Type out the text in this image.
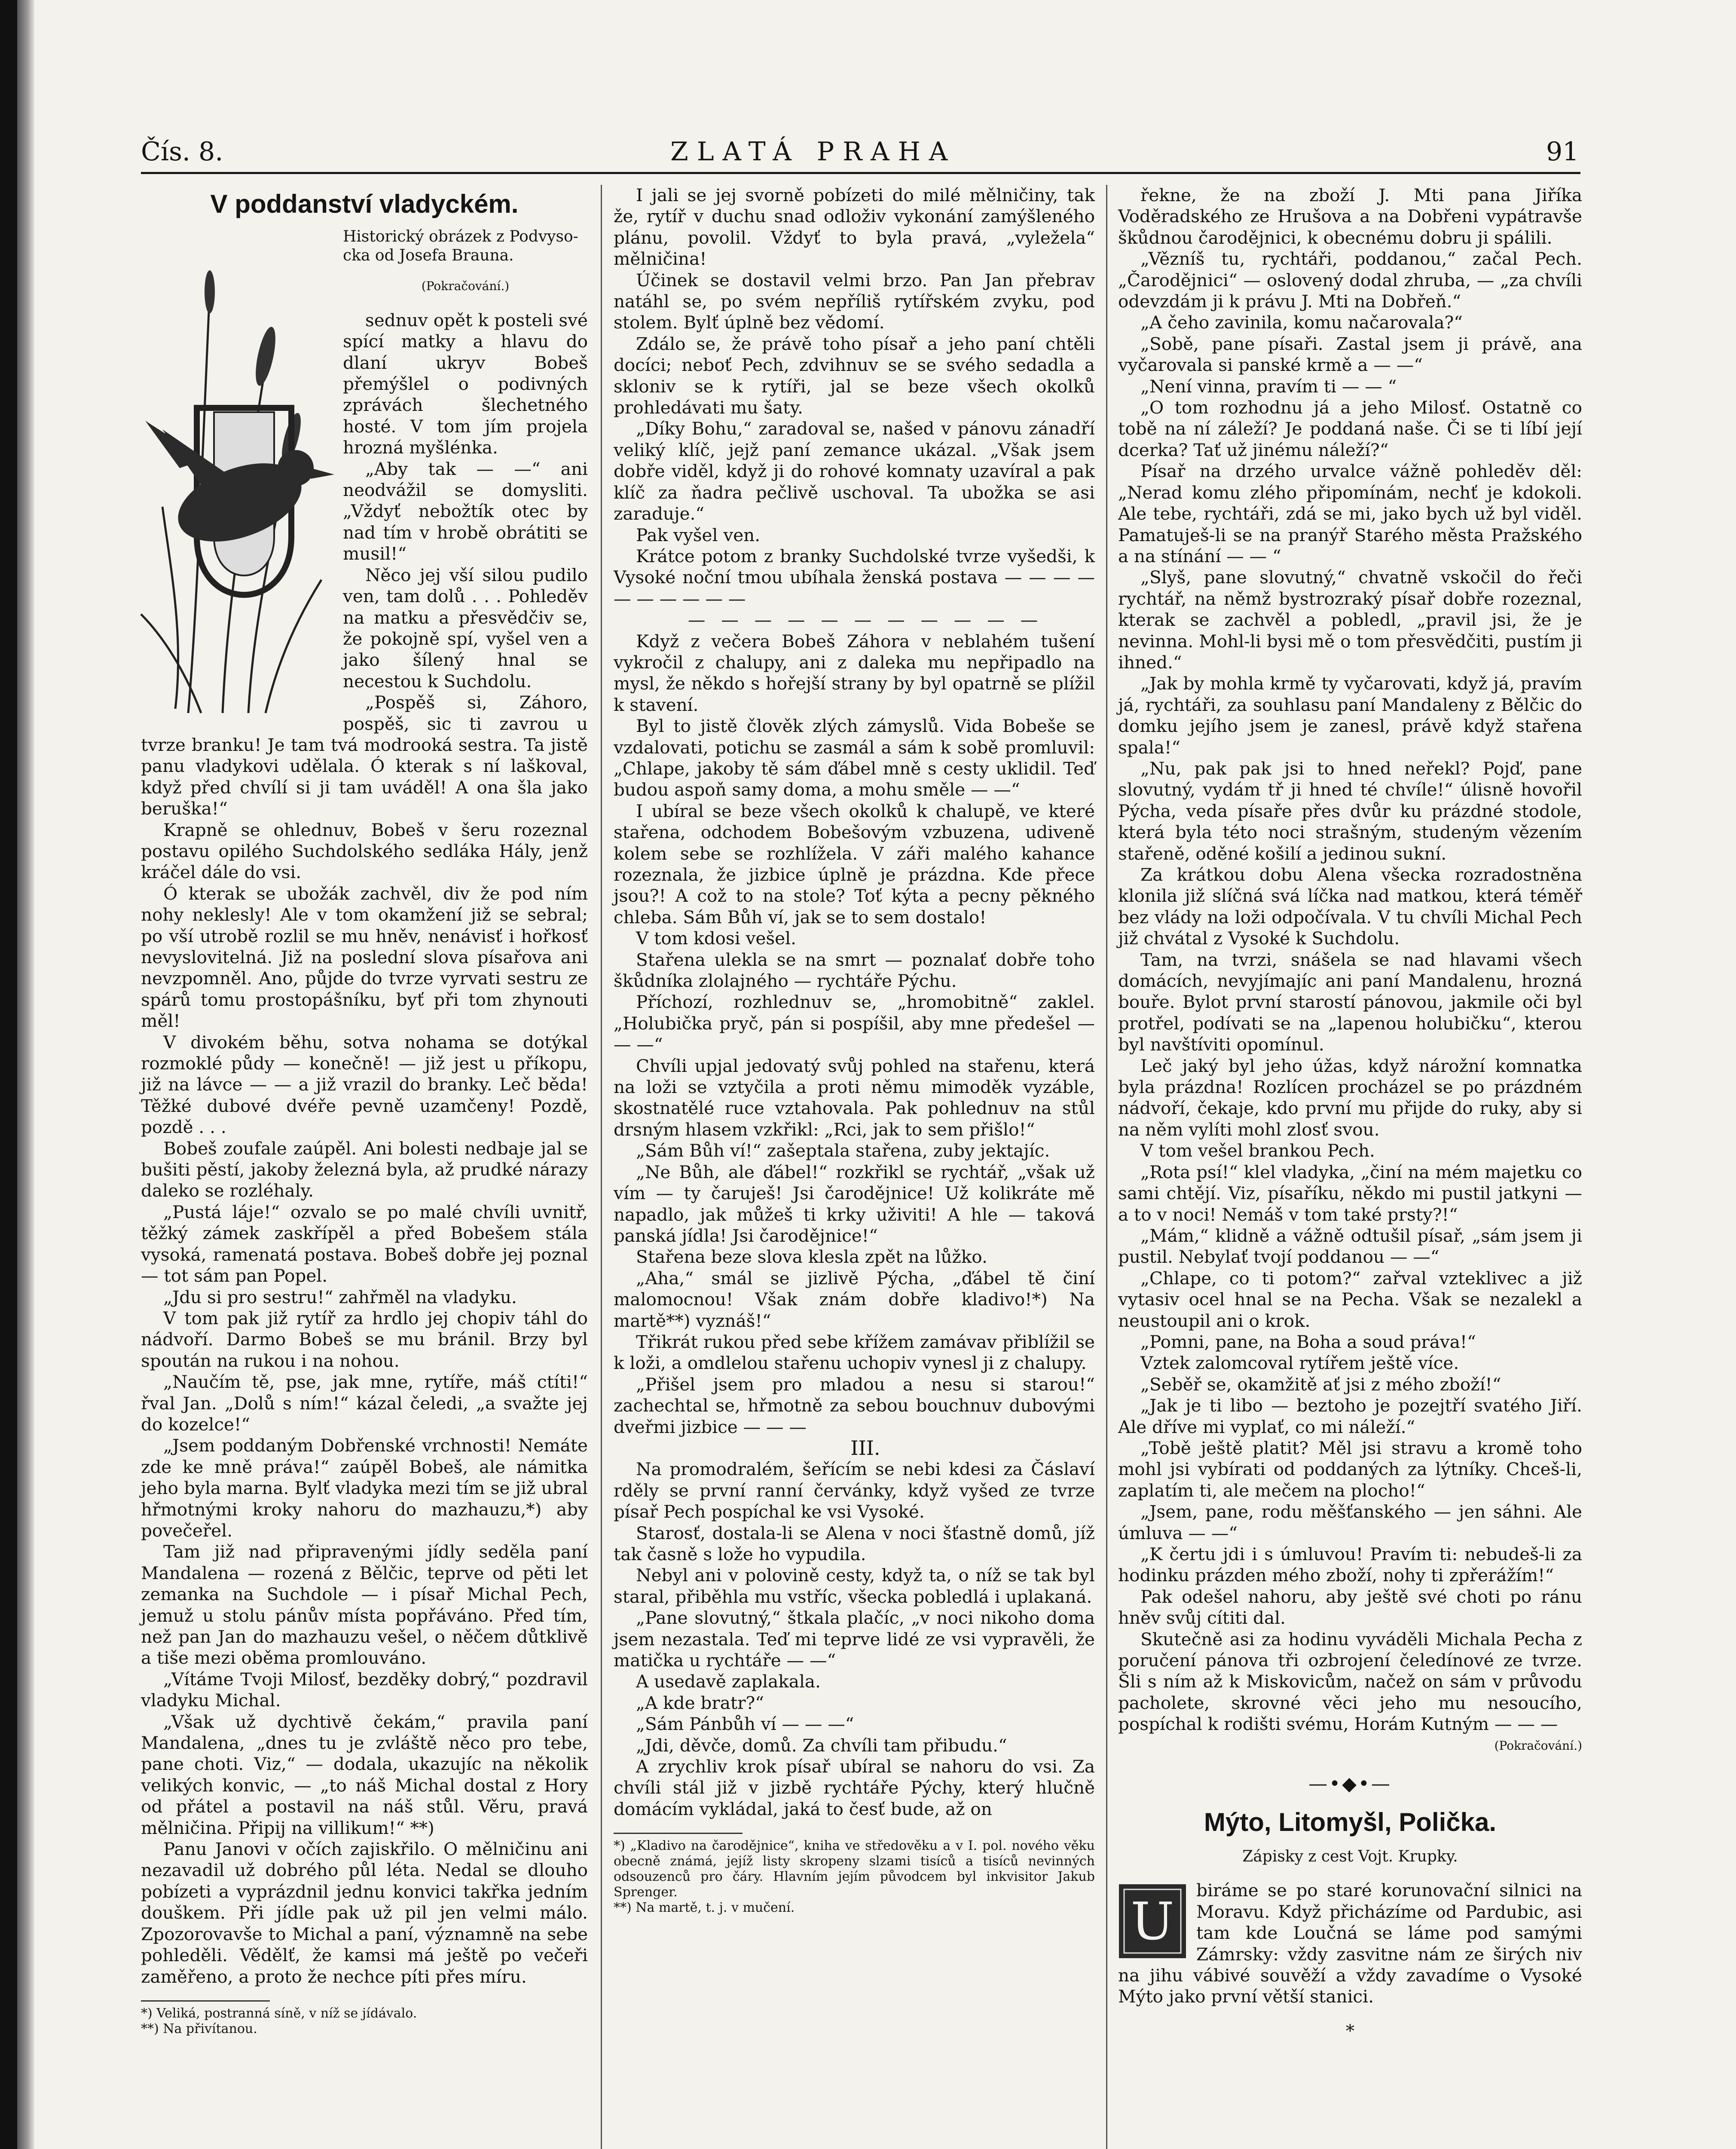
Čís. 8.	ZLATÁ PRAHA	91
V poddanství vladyckém.

Historický obrázek z Podvyso-

cka od Josefa Brauna.

(Pokračování.)

sednuv opět k posteli své spící matky a hlavu do dlaní ukryv Bobeš přemýšlel o podivných zprávách šlechetného hosté. V tom jím projela hrozná myšlénka.

„Aby tak — —“ ani neodvážil se domysliti. „Vždyť nebožtík otec by nad tím v hrobě obrátiti se musil!“

Něco jej vší silou pudilo ven, tam dolů . . . Pohleděv na matku a přesvědčiv se, že pokojně spí, vyšel ven a jako šílený hnal se necestou k Suchdolu.

„Pospěš si, Záhoro, pospěš, sic ti zavrou u tvrze branku! Je tam tvá modrooká sestra. Ta jistě panu vladykovi udělala. Ó kterak s ní laškoval, když před chvílí si ji tam uváděl! A ona šla jako beruška!“

Krapně se ohlednuv, Bobeš v šeru rozeznal postavu opilého Suchdolského sedláka Hály, jenž kráčel dále do vsi.

Ó kterak se ubožák zachvěl, div že pod ním nohy neklesly! Ale v tom okamžení již se sebral; po vší utrobě rozlil se mu hněv, nenávisť i hořkosť nevyslovitelná. Již na poslední slova písařova ani nevzpomněl. Ano, půjde do tvrze vyrvati sestru ze spárů tomu prostopášníku, byť při tom zhynouti měl!

V divokém běhu, sotva nohama se dotýkal rozmoklé půdy — konečně! — již jest u příkopu, již na lávce — — a již vrazil do branky. Leč běda! Těžké dubové dvéře pevně uzamčeny! Pozdě, pozdě . . .

Bobeš zoufale zaúpěl. Ani bolesti nedbaje jal se bušiti pěstí, jakoby železná byla, až prudké nárazy daleko se rozléhaly.

„Pustá láje!“ ozvalo se po malé chvíli uvnitř, těžký zámek zaskřípěl a před Bobešem stála vysoká, ramenatá postava. Bobeš dobře jej poznal — tot sám pan Popel.

„Jdu si pro sestru!“ zahřměl na vladyku.

V tom pak již rytíř za hrdlo jej chopiv táhl do nádvoří. Darmo Bobeš se mu bránil. Brzy byl spoután na rukou i na nohou.

„Naučím tě, pse, jak mne, rytíře, máš ctíti!“ řval Jan. „Dolů s ním!“ kázal čeledi, „a svažte jej do kozelce!“

„Jsem poddaným Dobřenské vrchnosti! Nemáte zde ke mně práva!“ zaúpěl Bobeš, ale námitka jeho byla marna. Bylť vladyka mezi tím se již ubral hřmotnými kroky nahoru do mazhauzu,*) aby povečeřel.

Tam již nad připravenými jídly seděla paní Mandalena — rozená z Bělčic, teprve od pěti let zemanka na Suchdole — i písař Michal Pech, jemuž u stolu pánův místa popřáváno. Před tím, než pan Jan do mazhauzu vešel, o něčem důtklivě a tiše mezi oběma promlouváno.

„Vítáme Tvoji Milosť, bezděky dobrý,“ pozdravil vladyku Michal.

„Však už dychtivě čekám,“ pravila paní Mandalena, „dnes tu je zvláště něco pro tebe, pane choti. Viz,“ — dodala, ukazujíc na několik velikých konvic, — „to náš Michal dostal z Hory od přátel a postavil na náš stůl. Věru, pravá mělničina. Připij na villikum!“ **)

Panu Janovi v očích zajiskřilo. O mělničinu ani nezavadil už dobrého půl léta. Nedal se dlouho pobízeti a vyprázdnil jednu konvici takřka jedním douškem. Při jídle pak už pil jen velmi málo. Zpozorovavše to Michal a paní, významně na sebe pohleděli. Vědělť, že kamsi má ještě po večeři zaměřeno, a proto že nechce píti přes míru.

*) Veliká, postranná síně, v níž se jídávalo.

**) Na přivítanou.

I jali se jej svorně pobízeti do milé mělničiny, tak že, rytíř v duchu snad odloživ vykonání zamýšleného plánu, povolil. Vždyť to byla pravá, „vyležela“ mělničina!

Účinek se dostavil velmi brzo. Pan Jan přebrav natáhl se, po svém nepříliš rytířském zvyku, pod stolem. Bylť úplně bez vědomí.

Zdálo se, že právě toho písař a jeho paní chtěli docíci; neboť Pech, zdvihnuv se se svého sedadla a skloniv se k rytíři, jal se beze všech okolků prohledávati mu šaty.

„Díky Bohu,“ zaradoval se, našed v pánovu zánadří veliký klíč, jejž paní zemance ukázal. „Však jsem dobře viděl, když ji do rohové komnaty uzavíral a pak klíč za ňadra pečlivě uschoval. Ta ubožka se asi zaraduje.“

Pak vyšel ven.

Krátce potom z branky Suchdolské tvrze vyšedši, k Vysoké noční tmou ubíhala ženská postava — — — — — — — — — —

— — — — — — — — — — —

Když z večera Bobeš Záhora v neblahém tušení vykročil z chalupy, ani z daleka mu nepřipadlo na mysl, že někdo s hořejší strany by byl opatrně se plížil k stavení.

Byl to jistě člověk zlých zámyslů. Vida Bobeše se vzdalovati, potichu se zasmál a sám k sobě promluvil: „Chlape, jakoby tě sám ďábel mně s cesty uklidil. Teď budou aspoň samy doma, a mohu směle — —“

I ubíral se beze všech okolků k chalupě, ve které stařena, odchodem Bobešovým vzbuzena, udiveně kolem sebe se rozhlížela. V záři malého kahance rozeznala, že jizbice úplně je prázdna. Kde přece jsou?! A což to na stole? Toť kýta a pecny pěkného chleba. Sám Bůh ví, jak se to sem dostalo!

V tom kdosi vešel.

Stařena ulekla se na smrt — poznalať dobře toho škůdníka zlolajného — rychtáře Pýchu.

Příchozí, rozhlednuv se, „hromobitně“ zaklel. „Holubička pryč, pán si pospíšil, aby mne předešel — — —“

Chvíli upjal jedovatý svůj pohled na stařenu, která na loži se vztyčila a proti němu mimoděk vyzáble, skostnatělé ruce vztahovala. Pak pohlednuv na stůl drsným hlasem vzkřikl: „Rci, jak to sem přišlo!“

„Sám Bůh ví!“ zašeptala stařena, zuby jektajíc.

„Ne Bůh, ale ďábel!“ rozkřikl se rychtář, „však už vím — ty čaruješ! Jsi čarodějnice! Už kolikráte mě napadlo, jak můžeš ti krky uživiti! A hle — taková panská jídla! Jsi čarodějnice!“

Stařena beze slova klesla zpět na lůžko.

„Aha,“ smál se jizlivě Pýcha, „ďábel tě činí malomocnou! Však znám dobře kladivo!*) Na martě**) vyznáš!“

Třikrát rukou před sebe křížem zamávav přiblížil se k loži, a omdlelou stařenu uchopiv vynesl ji z chalupy.

„Přišel jsem pro mladou a nesu si starou!“ zachechtal se, hřmotně za sebou bouchnuv dubovými dveřmi jizbice — — —

III.

Na promodralém, šeřícím se nebi kdesi za Čáslaví rděly se první ranní červánky, když vyšed ze tvrze písař Pech pospíchal ke vsi Vysoké.

Starosť, dostala-li se Alena v noci šťastně domů, jíž tak časně s lože ho vypudila.

Nebyl ani v polovině cesty, když ta, o níž se tak byl staral, přiběhla mu vstříc, všecka pobledlá i uplakaná.

„Pane slovutný,“ štkala plačíc, „v noci nikoho doma jsem nezastala. Teď mi teprve lidé ze vsi vypravěli, že matička u rychtáře — —“

A usedavě zaplakala.

„A kde bratr?“

„Sám Pánbůh ví — — —“

„Jdi, děvče, domů. Za chvíli tam přibudu.“

A zrychliv krok písař ubíral se nahoru do vsi. Za chvíli stál již v jizbě rychtáře Pýchy, který hlučně domácím vykládal, jaká to česť bude, až on

*) „Kladivo na čarodějnice“, kniha ve středověku a v I. pol. nového věku obecně známá, jejíž listy skropeny slzami tisíců a tisíců nevinných odsouzenců pro čáry. Hlavním jejím původcem byl inkvisitor Jakub Sprenger.

**) Na martě, t. j. v mučení.

řekne, že na zboží J. Mti pana Jiříka Voděradského ze Hrušova a na Dobřeni vypátravše škůdnou čarodějnici, k obecnému dobru ji spálili.

„Vězníš tu, rychtáři, poddanou,“ začal Pech. „Čarodějnici“ — oslovený dodal zhruba, — „za chvíli odevzdám ji k právu J. Mti na Dobřeň.“

„A čeho zavinila, komu načarovala?“

„Sobě, pane písaři. Zastal jsem ji právě, ana vyčarovala si panské krmě a — —“

„Není vinna, pravím ti — — “

„O tom rozhodnu já a jeho Milosť. Ostatně co tobě na ní záleží? Je poddaná naše. Či se ti líbí její dcerka? Tať už jinému náleží?“

Písař na drzého urvalce vážně pohleděv děl: „Nerad komu zlého připomínám, nechť je kdokoli. Ale tebe, rychtáři, zdá se mi, jako bych už byl viděl. Pamatuješ-li se na pranýř Starého města Pražského a na stínání — — “

„Slyš, pane slovutný,“ chvatně vskočil do řeči rychtář, na němž bystrozraký písař dobře rozeznal, kterak se zachvěl a pobledl, „pravil jsi, že je nevinna. Mohl-li bysi mě o tom přesvědčiti, pustím ji ihned.“

„Jak by mohla krmě ty vyčarovati, když já, pravím já, rychtáři, za souhlasu paní Mandaleny z Bělčic do domku jejího jsem je zanesl, právě když stařena spala!“

„Nu, pak pak jsi to hned neřekl? Pojď, pane slovutný, vydám tř ji hned té chvíle!“ úlisně hovořil Pýcha, veda písaře přes dvůr ku prázdné stodole, která byla této noci strašným, studeným vězením stařeně, oděné košilí a jedinou sukní.

Za krátkou dobu Alena všecka rozradostněna klonila již slíčná svá líčka nad matkou, která téměř bez vlády na loži odpočívala. V tu chvíli Michal Pech již chvátal z Vysoké k Suchdolu.

Tam, na tvrzi, snášela se nad hlavami všech domácích, nevyjímajíc ani paní Mandalenu, hrozná bouře. Bylot první starostí pánovou, jakmile oči byl protřel, podívati se na „lapenou holubičku“, kterou byl navštíviti opomínul.

Leč jaký byl jeho úžas, když nárožní komnatka byla prázdna! Rozlícen procházel se po prázdném nádvoří, čekaje, kdo první mu přijde do ruky, aby si na něm vylíti mohl zlosť svou.

V tom vešel brankou Pech.

„Rota psí!“ klel vladyka, „činí na mém majetku co sami chtějí. Viz, písaříku, někdo mi pustil jatkyni — a to v noci! Nemáš v tom také prsty?!“

„Mám,“ klidně a vážně odtušil písař, „sám jsem ji pustil. Nebylať tvojí poddanou — —“

„Chlape, co ti potom?“ zařval vzteklivec a již vytasiv ocel hnal se na Pecha. Však se nezalekl a neustoupil ani o krok.

„Pomni, pane, na Boha a soud práva!“

Vztek zalomcoval rytířem ještě více.

„Seběř se, okamžitě ať jsi z mého zboží!“

„Jak je ti libo — beztoho je pozejtří svatého Jiří. Ale dříve mi vyplať, co mi náleží.“

„Tobě ještě platit? Měl jsi stravu a kromě toho mohl jsi vybírati od poddaných za lýtníky. Chceš-li, zaplatím ti, ale mečem na plocho!“

„Jsem, pane, rodu měšťanského — jen sáhni. Ale úmluva — —“

„K čertu jdi i s úmluvou! Pravím ti: nebudeš-li za hodinku prázden mého zboží, nohy ti zpřerážím!“

Pak odešel nahoru, aby ještě své choti po ránu hněv svůj cítiti dal.

Skutečně asi za hodinu vyváděli Michala Pecha z poručení pánova tři ozbrojení čeledínové ze tvrze. Šli s ním až k Miskovicům, načež on sám v průvodu pacholete, skrovné věci jeho mu nesoucího, pospíchal k rodišti svému, Horám Kutným — — —

(Pokračování.)
—•◆•—
Mýto, Litomyšl, Polička.
Zápisky z cest Vojt. Krupky.
U

biráme se po staré korunovační silnici na Moravu. Když přicházíme od Pardubic, asi tam kde Loučná se láme pod samými Zámrsky: vždy zasvitne nám ze širých niv na jihu vábivé souvěží a vždy zavadíme o Vysoké Mýto jako první větší stanici.

*
